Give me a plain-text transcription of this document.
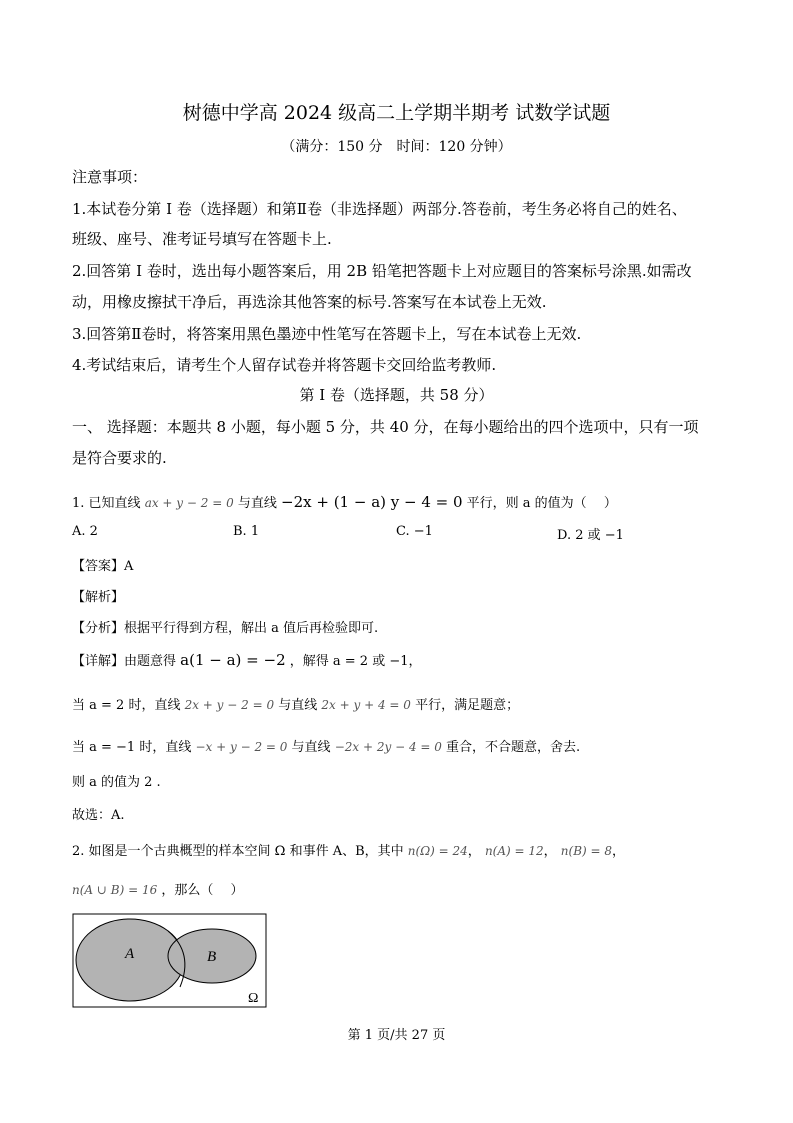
树德中学高 2024 级高二上学期半期考 试数学试题
（满分：150 分　时间：120 分钟）
注意事项：
1.本试卷分第 I 卷（选择题）和第Ⅱ卷（非选择题）两部分.答卷前，考生务必将自己的姓名、
班级、座号、准考证号填写在答题卡上.
2.回答第 I 卷时，选出每小题答案后，用 2B 铅笔把答题卡上对应题目的答案标号涂黑.如需改
动，用橡皮擦拭干净后，再选涂其他答案的标号.答案写在本试卷上无效.
3.回答第Ⅱ卷时，将答案用黑色墨迹中性笔写在答题卡上，写在本试卷上无效.
4.考试结束后，请考生个人留存试卷并将答题卡交回给监考教师.
第 I 卷（选择题，共 58 分）
一、 选择题：本题共 8 小题，每小题 5 分，共 40 分，在每小题给出的四个选项中，只有一项
是符合要求的.
1. 已知直线 ax + y − 2 = 0 与直线 −2x + (1 − a) y − 4 = 0 平行，则 a 的值为（　 ）
A. 2	B. 1	C. −1	D. 2 或 −1
【答案】A
【解析】
【分析】根据平行得到方程，解出 a 值后再检验即可.
【详解】由题意得 a(1 − a) = −2 ，解得 a = 2 或 −1，
当 a = 2 时，直线 2x + y − 2 = 0 与直线 2x + y + 4 = 0 平行，满足题意；
当 a = −1 时，直线 −x + y − 2 = 0 与直线 −2x + 2y − 4 = 0 重合，不合题意，舍去.
则 a 的值为 2 .
故选：A.
2. 如图是一个古典概型的样本空间 Ω 和事件 A、B，其中 n(Ω) = 24， n(A) = 12， n(B) = 8，
n(A ∪ B) = 16 ，那么（　 ）
A	B
Ω
第 1 页/共 27 页
